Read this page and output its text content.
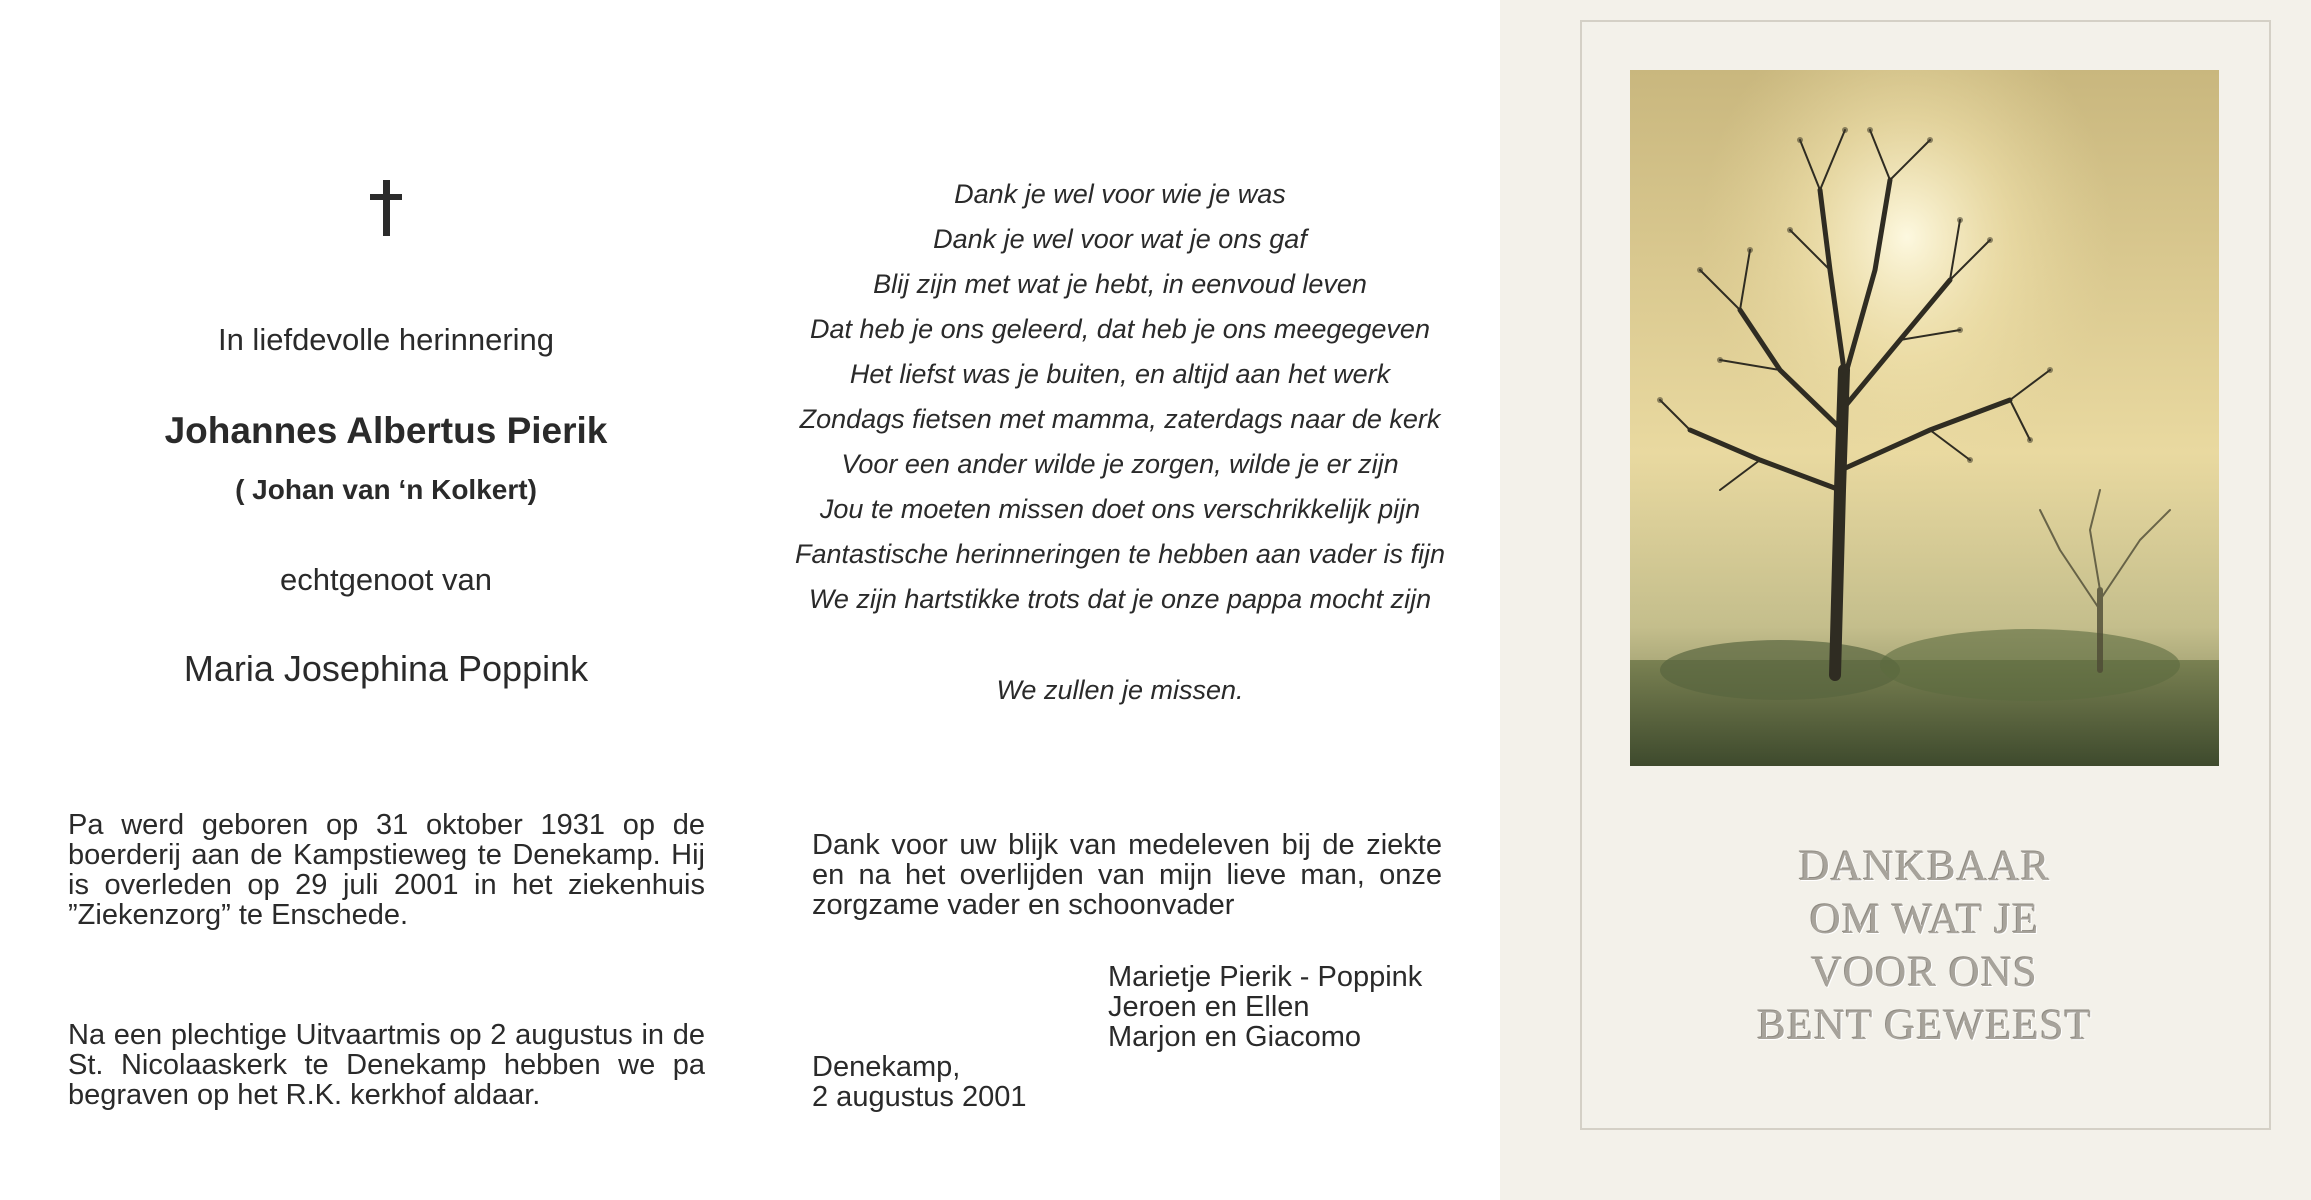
In liefdevolle herinnering
Johannes Albertus Pierik
( Johan van ‘n Kolkert)
echtgenoot van
Maria Josephina Poppink
Pa werd geboren op 31 oktober 1931 op de boerderij aan de Kampstieweg te Denekamp. Hij is overleden op 29 juli 2001 in het ziekenhuis ”Ziekenzorg” te Enschede.
Na een plechtige Uitvaartmis op 2 augustus in de St. Nicolaaskerk te Denekamp hebben we pa begraven op het R.K. kerkhof aldaar.
Dank je wel voor wie je was
Dank je wel voor wat je ons gaf
Blij zijn met wat je hebt, in eenvoud leven
Dat heb je ons geleerd, dat heb je ons meegegeven
Het liefst was je buiten, en altijd aan het werk
Zondags fietsen met mamma, zaterdags naar de kerk
Voor een ander wilde je zorgen, wilde je er zijn
Jou te moeten missen doet ons verschrikkelijk pijn
Fantastische herinneringen te hebben aan vader is fijn
We zijn hartstikke trots dat je onze pappa mocht zijn
We zullen je missen.
Dank voor uw blijk van medeleven bij de ziekte en na het overlijden van mijn lieve man, onze zorgzame vader en schoonvader
Marietje Pierik - Poppink
Jeroen en Ellen
Marjon en Giacomo
Denekamp,
2 augustus 2001
DANKBAAR
OM WAT JE
VOOR ONS
BENT GEWEEST
